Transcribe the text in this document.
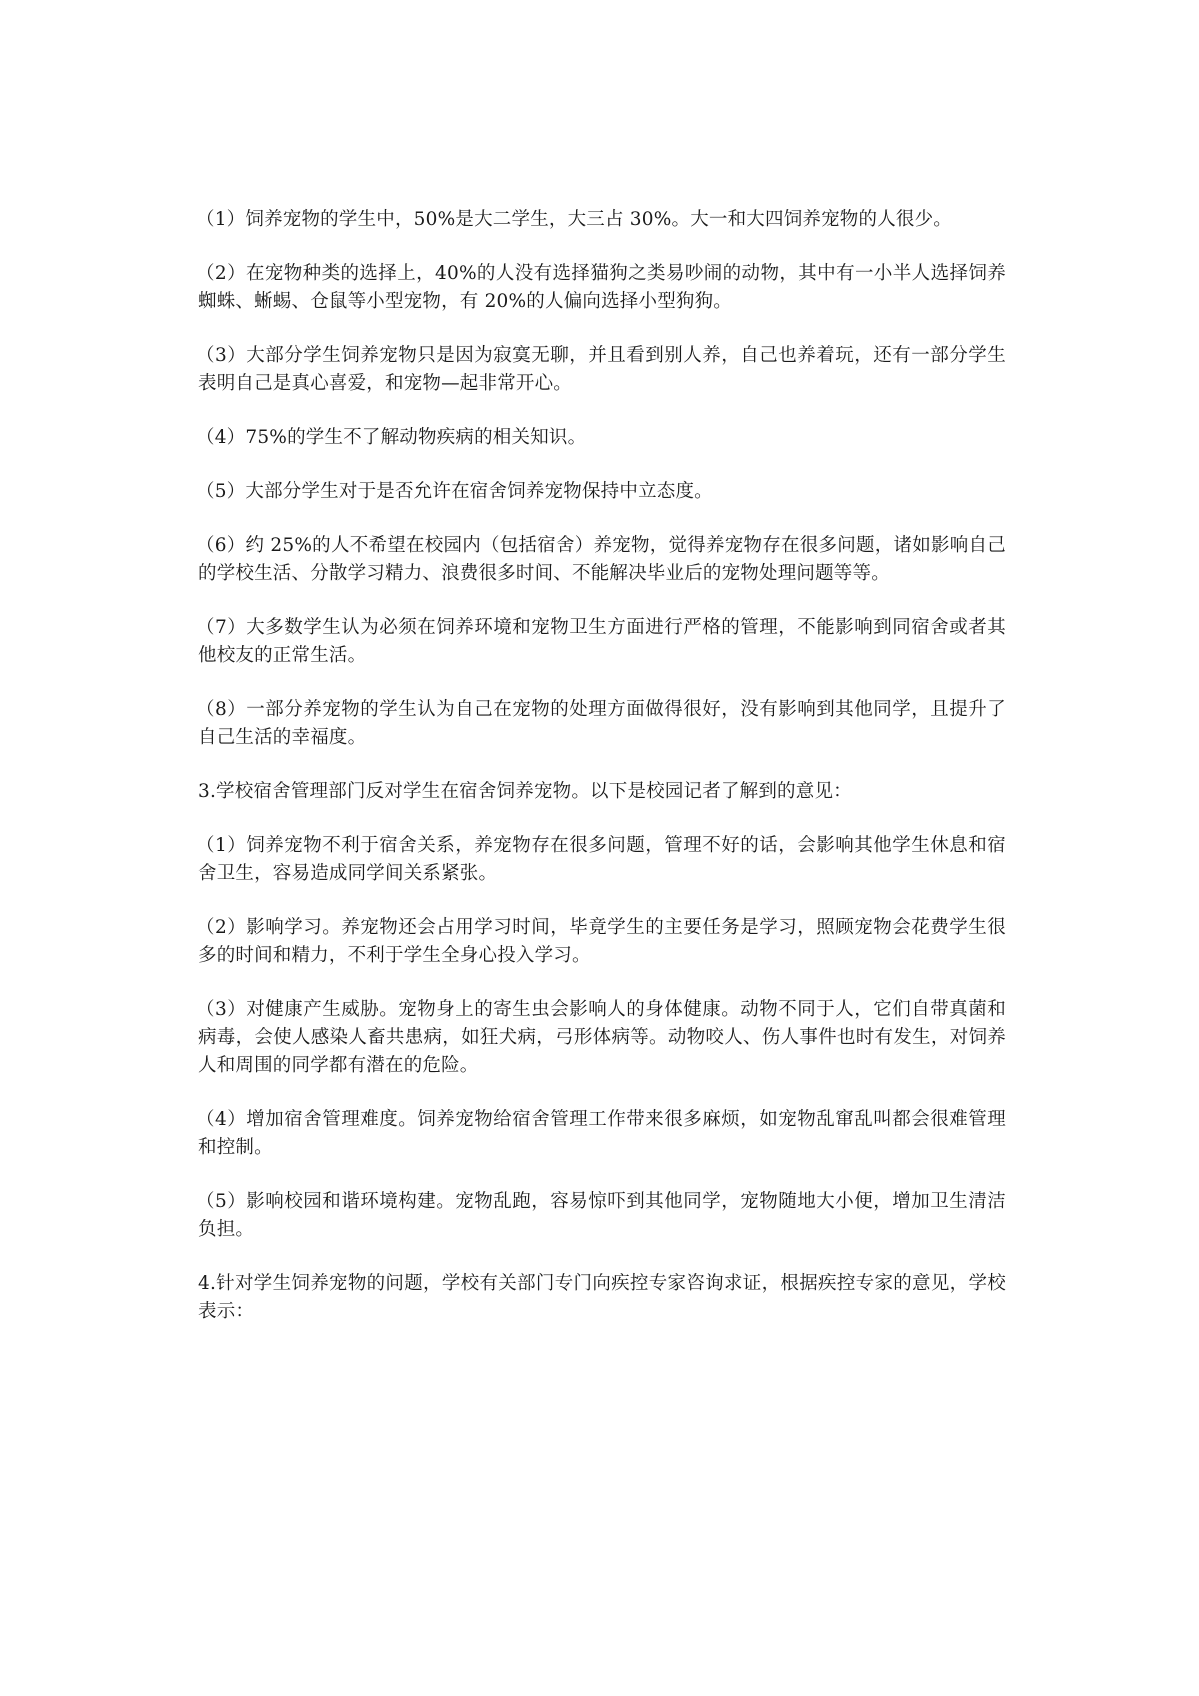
（1）饲养宠物的学生中，50%是大二学生，大三占 30%。大一和大四饲养宠物的人很少。

（2）在宠物种类的选择上，40%的人没有选择猫狗之类易吵闹的动物，其中有一小半人选择饲养蜘蛛、蜥蜴、仓鼠等小型宠物，有 20%的人偏向选择小型狗狗。

（3）大部分学生饲养宠物只是因为寂寞无聊，并且看到别人养，自己也养着玩，还有一部分学生表明自己是真心喜爱，和宠物—起非常开心。

（4）75%的学生不了解动物疾病的相关知识。

（5）大部分学生对于是否允许在宿舍饲养宠物保持中立态度。

（6）约 25%的人不希望在校园内（包括宿舍）养宠物，觉得养宠物存在很多问题，诸如影响自己的学校生活、分散学习精力、浪费很多时间、不能解决毕业后的宠物处理问题等等。

（7）大多数学生认为必须在饲养环境和宠物卫生方面进行严格的管理，不能影响到同宿舍或者其他校友的正常生活。

（8）一部分养宠物的学生认为自己在宠物的处理方面做得很好，没有影响到其他同学，且提升了自己生活的幸福度。

3.学校宿舍管理部门反对学生在宿舍饲养宠物。以下是校园记者了解到的意见：

（1）饲养宠物不利于宿舍关系，养宠物存在很多问题，管理不好的话，会影响其他学生休息和宿舍卫生，容易造成同学间关系紧张。

（2）影响学习。养宠物还会占用学习时间，毕竟学生的主要任务是学习，照顾宠物会花费学生很多的时间和精力，不利于学生全身心投入学习。

（3）对健康产生威胁。宠物身上的寄生虫会影响人的身体健康。动物不同于人，它们自带真菌和病毒，会使人感染人畜共患病，如狂犬病，弓形体病等。动物咬人、伤人事件也时有发生，对饲养人和周围的同学都有潜在的危险。

（4）增加宿舍管理难度。饲养宠物给宿舍管理工作带来很多麻烦，如宠物乱窜乱叫都会很难管理和控制。

（5）影响校园和谐环境构建。宠物乱跑，容易惊吓到其他同学，宠物随地大小便，增加卫生清洁负担。

4.针对学生饲养宠物的问题，学校有关部门专门向疾控专家咨询求证，根据疾控专家的意见，学校表示：
